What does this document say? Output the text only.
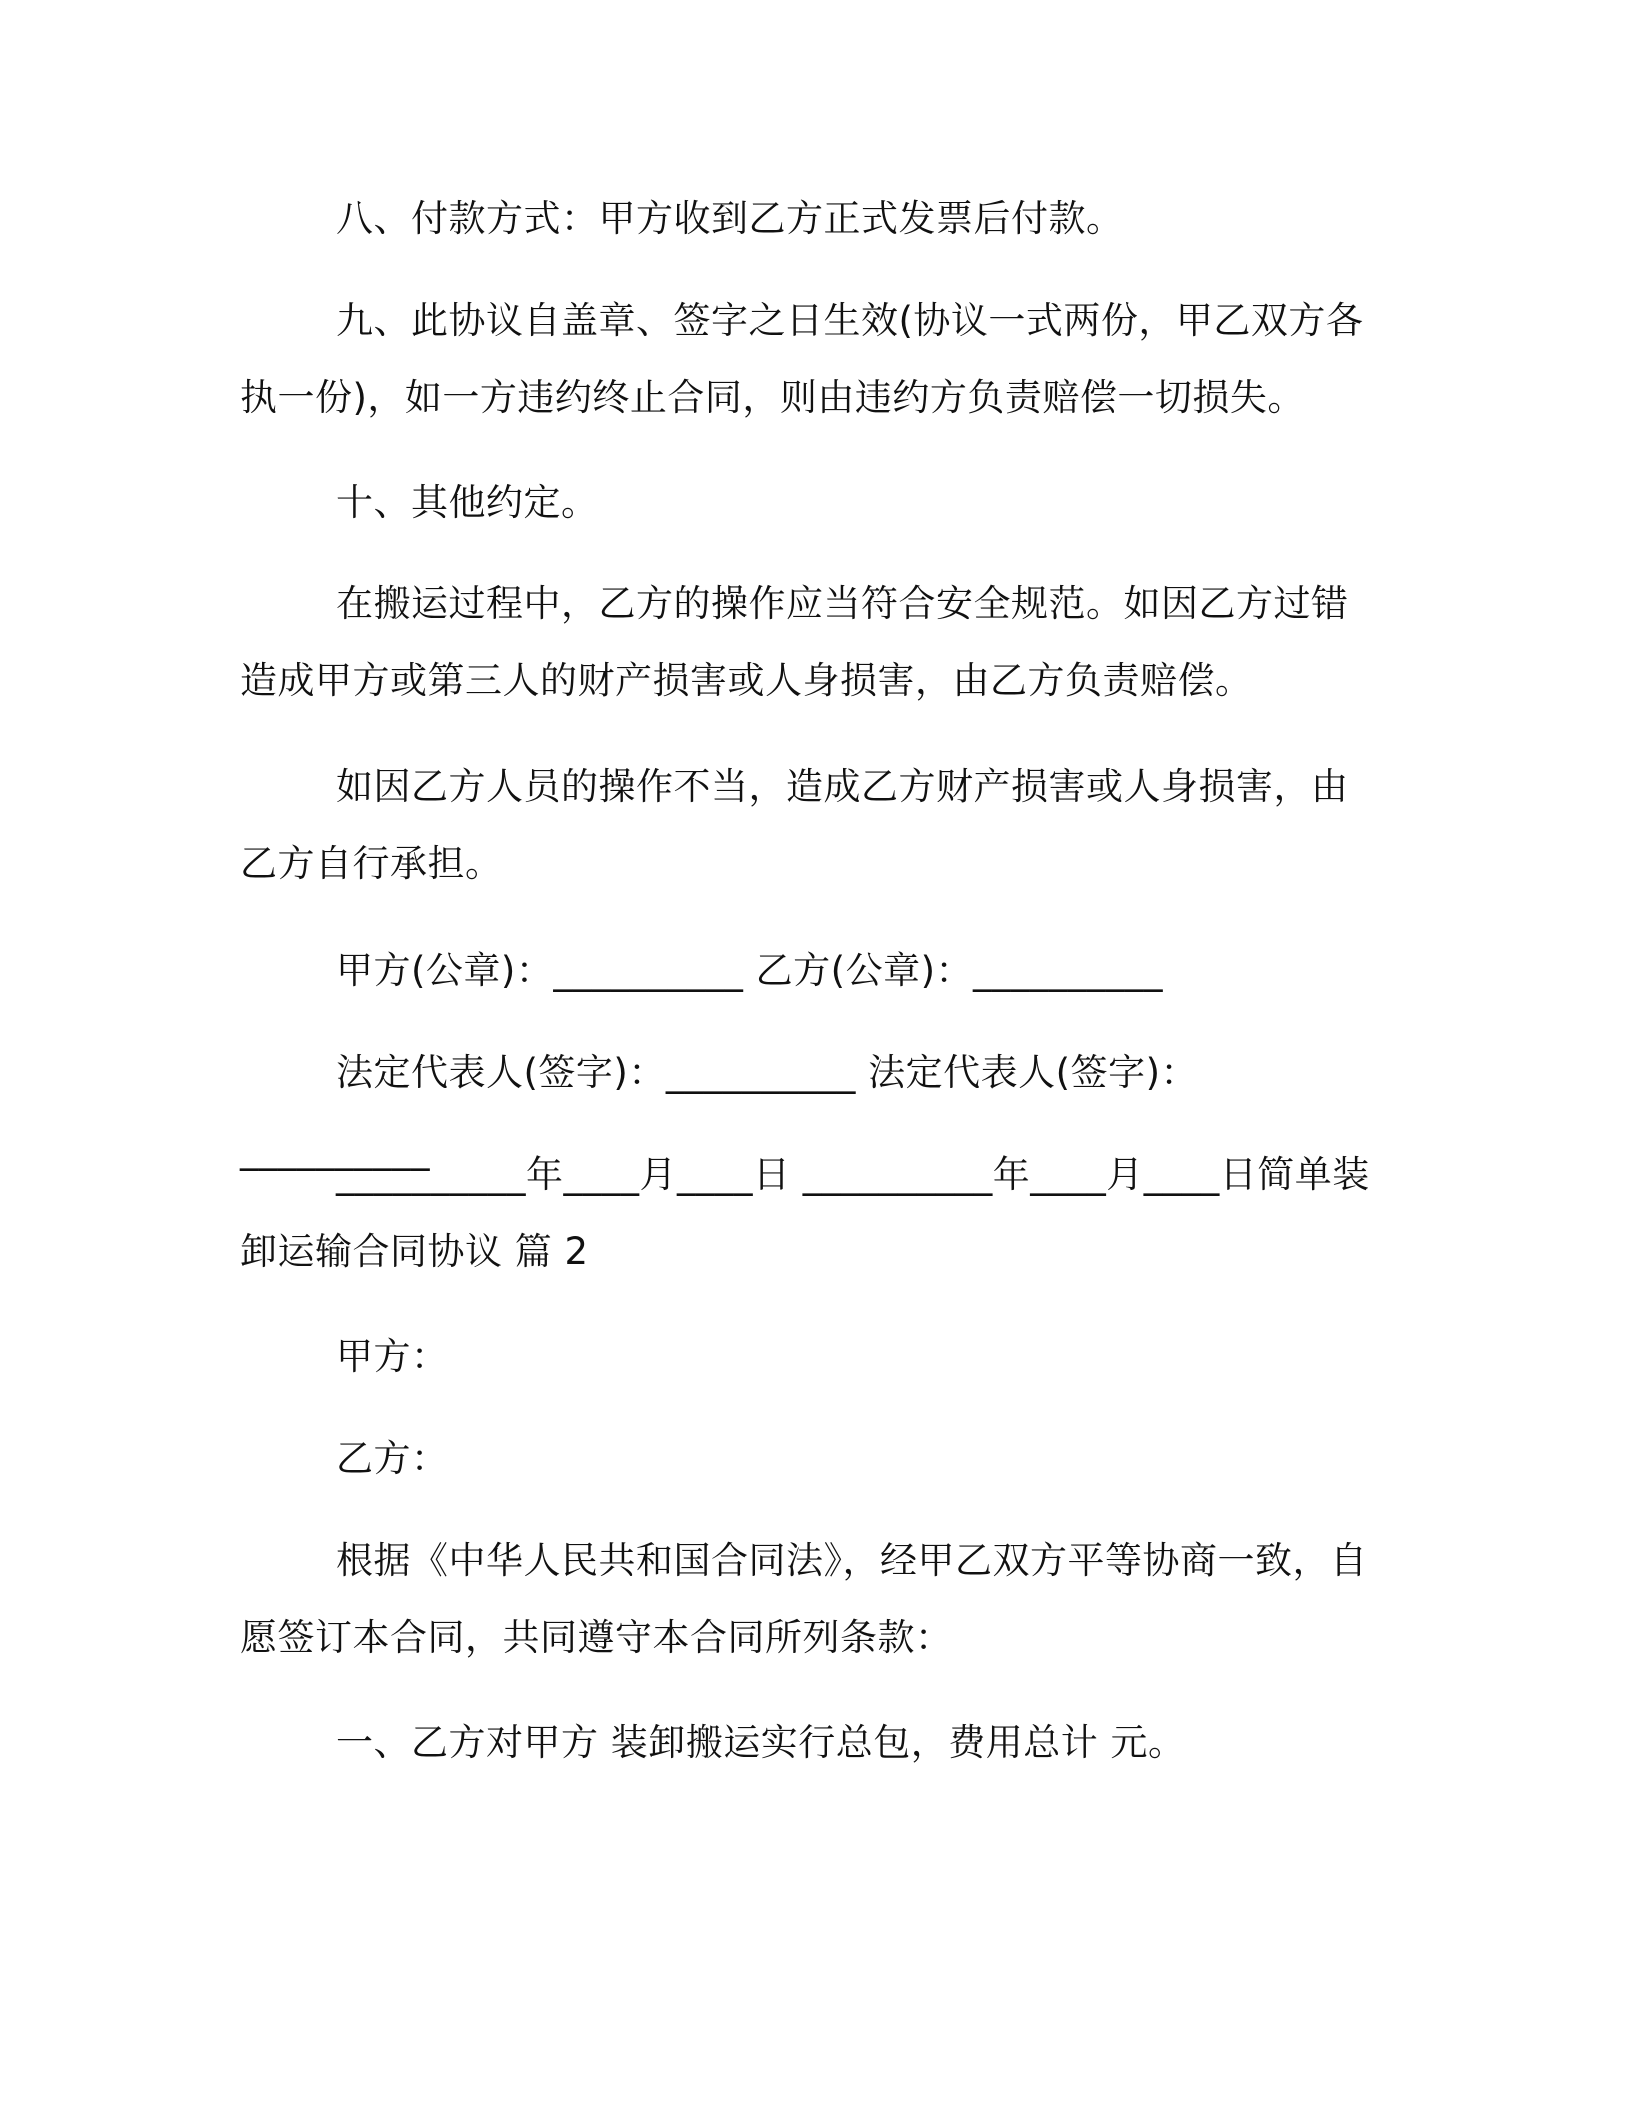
八、付款方式：甲方收到乙方正式发票后付款。

九、此协议自盖章、签字之日生效(协议一式两份，甲乙双方各执一份)，如一方违约终止合同，则由违约方负责赔偿一切损失。

十、其他约定。

在搬运过程中，乙方的操作应当符合安全规范。如因乙方过错造成甲方或第三人的财产损害或人身损害，由乙方负责赔偿。

如因乙方人员的操作不当，造成乙方财产损害或人身损害，由乙方自行承担。

甲方(公章)：__________ 乙方(公章)：__________

法定代表人(签字)：__________ 法定代表人(签字)：__________

__________年____月____日 __________年____月____日简单装卸运输合同协议 篇 2

甲方：

乙方：

根据《中华人民共和国合同法》，经甲乙双方平等协商一致，自愿签订本合同，共同遵守本合同所列条款：

一、乙方对甲方 装卸搬运实行总包，费用总计 元。
